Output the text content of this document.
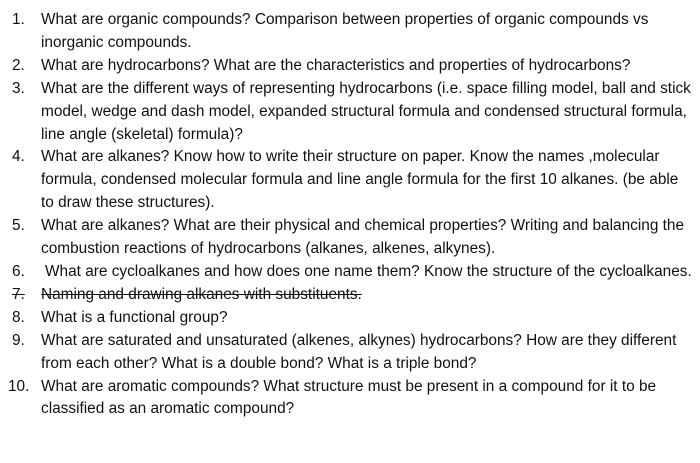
1.	What are organic compounds? Comparison between properties of organic compounds vs inorganic compounds.
2.	What are hydrocarbons? What are the characteristics and properties of hydrocarbons?
3.	What are the different ways of representing hydrocarbons (i.e. space filling model, ball and stick model, wedge and dash model, expanded structural formula and condensed structural formula, line angle (skeletal) formula)?
4.	What are alkanes? Know how to write their structure on paper. Know the names ,molecular formula, condensed molecular formula and line angle formula for the first 10 alkanes. (be able to draw these structures).
5.	What are alkanes? What are their physical and chemical properties? Writing and balancing the combustion reactions of hydrocarbons (alkanes, alkenes, alkynes).
6.	What are cycloalkanes and how does one name them? Know the structure of the cycloalkanes.
7.	Naming and drawing alkanes with substituents.
8.	What is a functional group?
9.	What are saturated and unsaturated (alkenes, alkynes) hydrocarbons? How are they different from each other? What is a double bond? What is a triple bond?
10. What are aromatic compounds? What structure must be present in a compound for it to be classified as an aromatic compound?
